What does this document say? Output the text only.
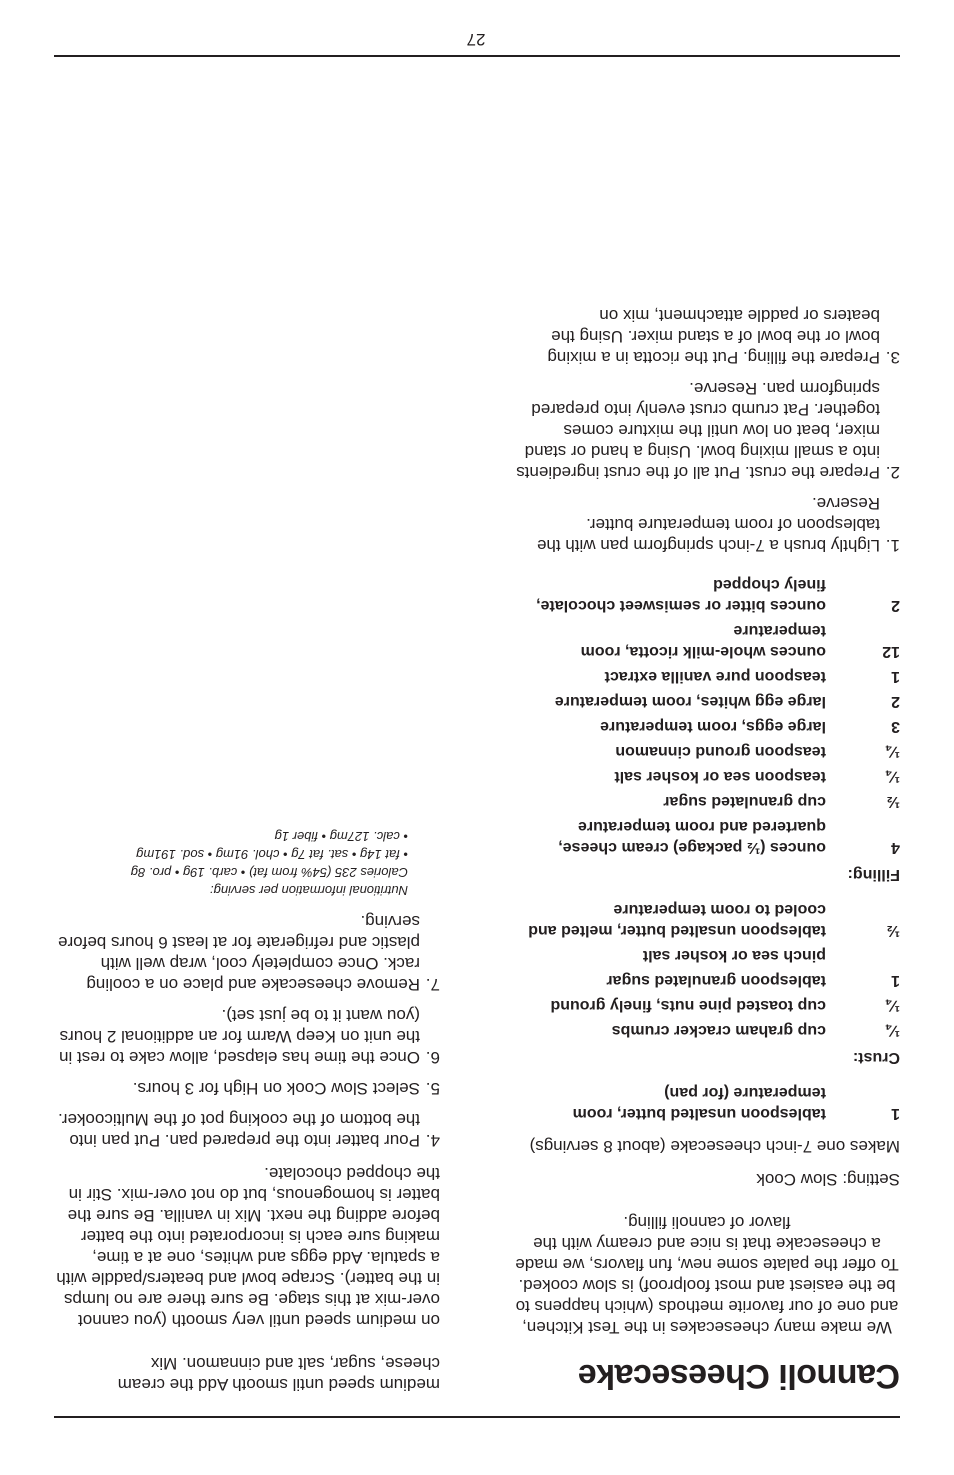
Cannoli Cheesecake
We make many cheesecakes in the Test Kitchen, and one of our favorite methods (which happens to be the easiest and most foolproof) is slow cooked. To offer the palate some new, fun flavors, we made a cheesecake that is nice and creamy with the flavor of cannoli filling.
Setting: Slow Cook
Makes one 7-inch cheesecake (about 8 servings)
1
tablespoon unsalted butter, room temperature (for pan)
Crust:
¼
cup graham cracker crumbs
¼
cup toasted pine nuts, finely ground
1
tablespoon granulated sugar
pinch sea or kosher salt
½
tablespoon unsalted butter, melted and cooled to room temperature
Filling:
4
ounces (½ package) cream cheese, quartered and room temperature
½
cup granulated sugar
¼
teaspoon sea or kosher salt
¼
teaspoon ground cinnamon
3
large eggs, room temperature
2
large egg whites, room temperature
1
teaspoon pure vanilla extract
12
ounces whole-milk ricotta, room temperature
2
ounces bitter or semisweet chocolate, finely chopped
1.
Lightly brush a 7-inch springform pan with the tablespoon of room temperature butter. Reserve.
2.
Prepare the crust. Put all of the crust ingredients into a small mixing bowl. Using a hand or stand mixer, beat on low until the mixture comes together. Pat crumb crust evenly into prepared springform pan. Reserve.
3.
Prepare the filling. Put the ricotta in a mixing bowl or the bowl of a stand mixer. Using the beaters or paddle attachment, mix on
medium speed until smooth Add the cream cheese, sugar, salt and cinnamon. Mix
on medium speed until very smooth (you cannot over-mix at this stage. Be sure there are no lumps in the batter). Scrape bowl and beaters/paddle with a spatula. Add eggs and whites, one at a time, making sure each is incorporated into the batter before adding the next. Mix in vanilla. Be sure the batter is homogenous, but do not over-mix. Stir in the chopped chocolate.
4.
Pour batter into the prepared pan. Put pan into the bottom of the cooking pot of the Multicooker.
5.
Select Slow Cook on High for 3 hours.
6.
Once the time has elapsed, allow cake to rest in the unit on Keep Warm for an additional 2 hours (you want it to be just set).
7.
Remove cheesecake and place on a cooling rack. Once completely cool, wrap well with plastic and refrigerate for at least 6 hours before serving.
Nutritional information per serving:
Calories 235 (54% from fat) • carb. 19g • pro. 8g
• fat 14g • sat. fat 7g • chol. 91mg • sod. 191mg
• calc. 127mg • fiber 1g
27
